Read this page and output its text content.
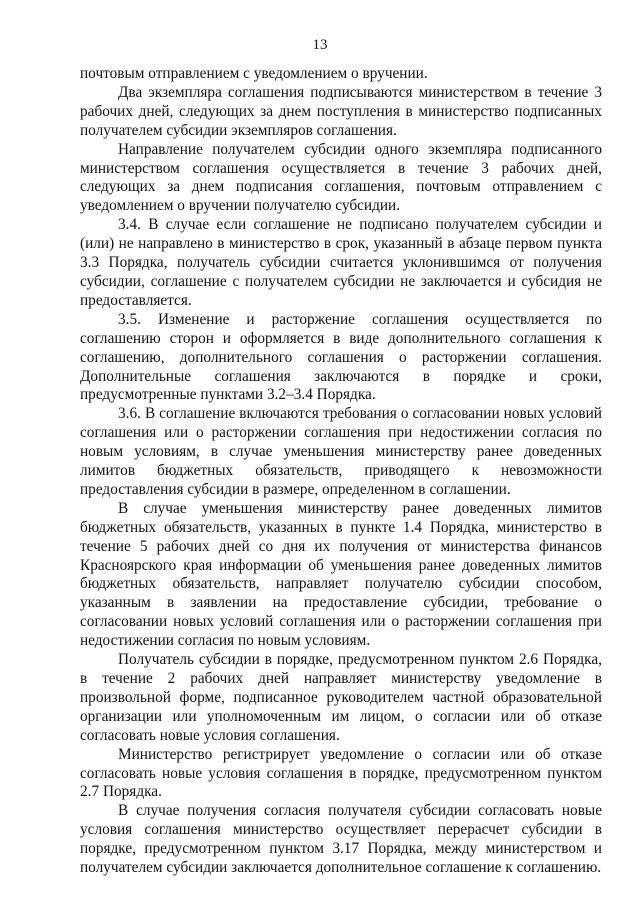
13

почтовым отправлением с уведомлением о вручении.

Два экземпляра соглашения подписываются министерством в течение 3 рабочих дней, следующих за днем поступления в министерство подписанных получателем субсидии экземпляров соглашения.

Направление получателем субсидии одного экземпляра подписанного министерством соглашения осуществляется в течение 3 рабочих дней, следующих за днем подписания соглашения, почтовым отправлением с уведомлением о вручении получателю субсидии.

3.4. В случае если соглашение не подписано получателем субсидии и (или) не направлено в министерство в срок, указанный в абзаце первом пункта 3.3 Порядка, получатель субсидии считается уклонившимся от получения субсидии, соглашение с получателем субсидии не заключается и субсидия не предоставляется.

3.5. Изменение и расторжение соглашения осуществляется по соглашению сторон и оформляется в виде дополнительного соглашения к соглашению, дополнительного соглашения о расторжении соглашения. Дополнительные соглашения заключаются в порядке и сроки, предусмотренные пунктами 3.2–3.4 Порядка.

3.6. В соглашение включаются требования о согласовании новых условий соглашения или о расторжении соглашения при недостижении согласия по новым условиям, в случае уменьшения министерству ранее доведенных лимитов бюджетных обязательств, приводящего к невозможности предоставления субсидии в размере, определенном в соглашении.

В случае уменьшения министерству ранее доведенных лимитов бюджетных обязательств, указанных в пункте 1.4 Порядка, министерство в течение 5 рабочих дней со дня их получения от министерства финансов Красноярского края информации об уменьшения ранее доведенных лимитов бюджетных обязательств, направляет получателю субсидии способом, указанным в заявлении на предоставление субсидии, требование о согласовании новых условий соглашения или о расторжении соглашения при недостижении согласия по новым условиям.

Получатель субсидии в порядке, предусмотренном пунктом 2.6 Порядка, в течение 2 рабочих дней направляет министерству уведомление в произвольной форме, подписанное руководителем частной образовательной организации или уполномоченным им лицом, о согласии или об отказе согласовать новые условия соглашения.

Министерство регистрирует уведомление о согласии или об отказе согласовать новые условия соглашения в порядке, предусмотренном пунктом 2.7 Порядка.

В случае получения согласия получателя субсидии согласовать новые условия соглашения министерство осуществляет перерасчет субсидии в порядке, предусмотренном пунктом 3.17 Порядка, между министерством и получателем субсидии заключается дополнительное соглашение к соглашению.
